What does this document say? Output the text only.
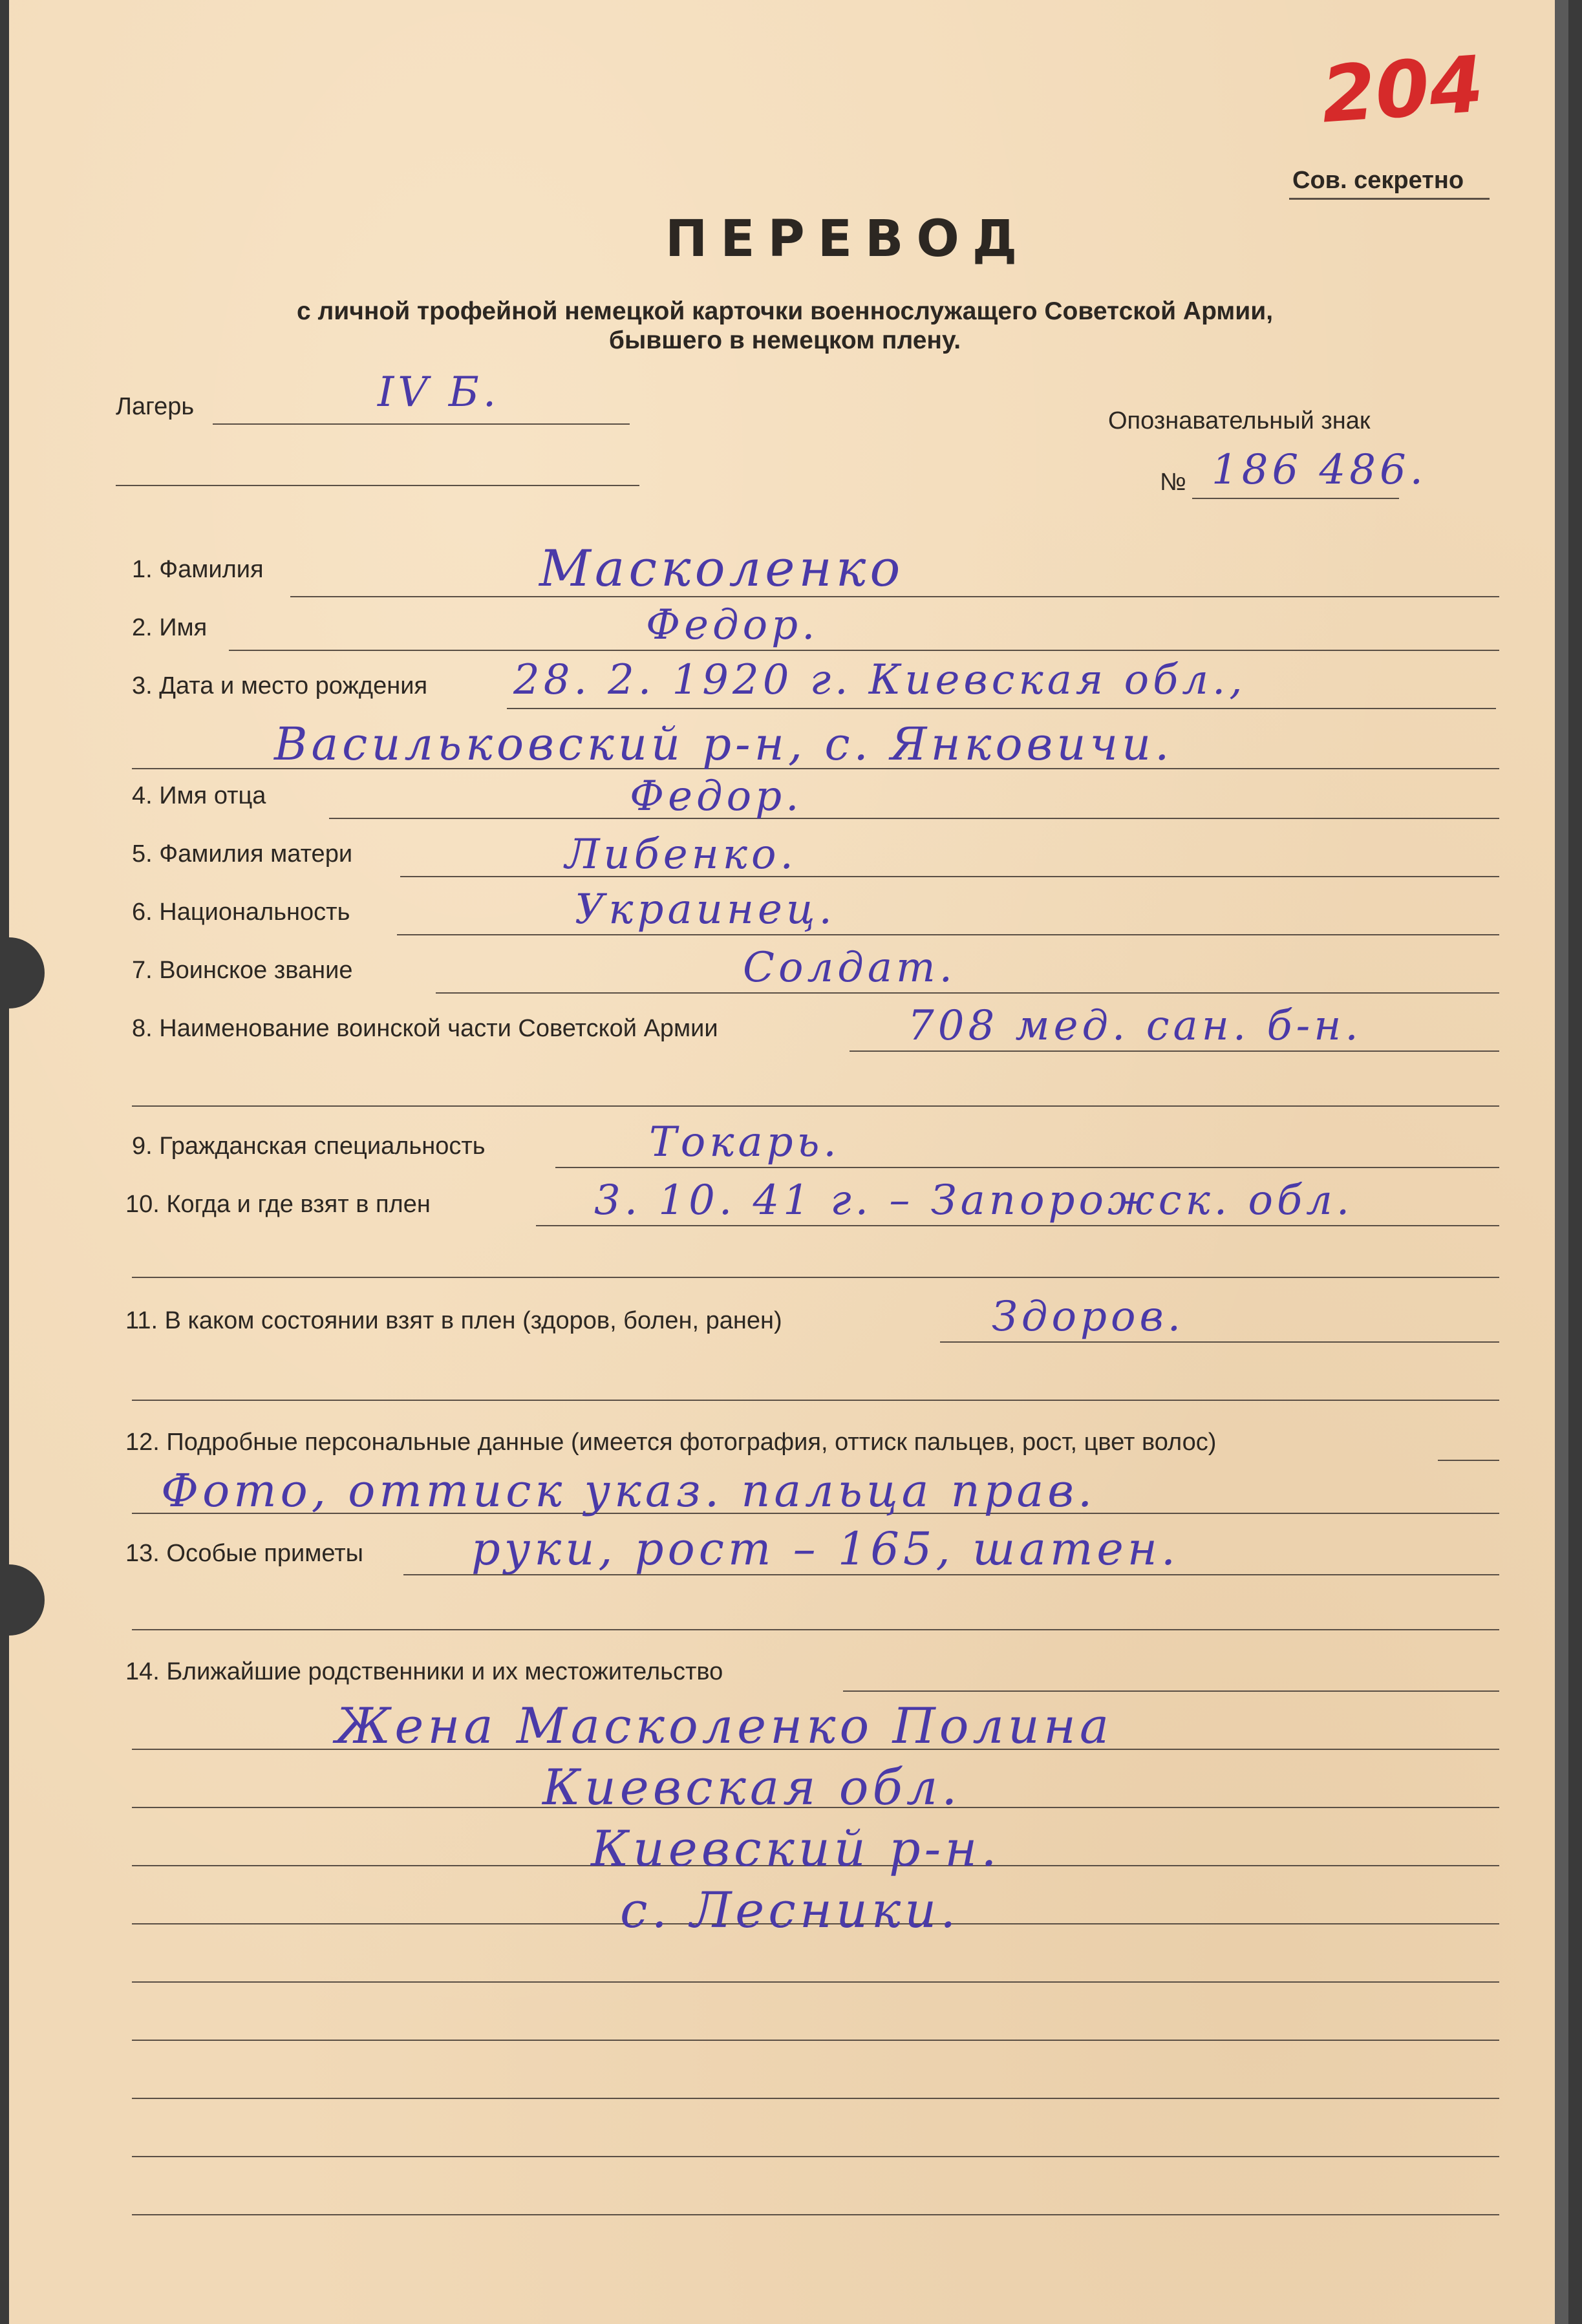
204
Сов. секретно
ПЕРЕВОД
с личной трофейной немецкой карточки военнослужащего Советской Армии,
бывшего в немецком плену.
Лагерь	IV Б.
Опознавательный знак
№ 186 486.
1. Фамилия	Масколенко
2. Имя	Федор.
3. Дата и место рождения 28. 2. 1920 г. Киевская обл.,
Васильковский р-н, с. Янковичи.
4. Имя отца	Федор.
5. Фамилия матери	Либенко.
6. Национальность	Украинец.
7. Воинское звание	Солдат.
8. Наименование воинской части Советской Армии	708 мед. сан. б-н.
9. Гражданская специальность	Токарь.
10. Когда и где взят в плен	3. 10. 41 г. – Запорожск. обл.
11. В каком состоянии взят в плен (здоров, болен, ранен)	Здоров.
12. Подробные персональные данные (имеется фотография, оттиск пальцев, рост, цвет волос)
Фото, оттиск указ. пальца прав.
13. Особые приметы руки, рост – 165, шатен.
14. Ближайшие родственники и их местожительство
Жена Масколенко Полина
Киевская обл.
Киевский р-н.
с. Лесники.
